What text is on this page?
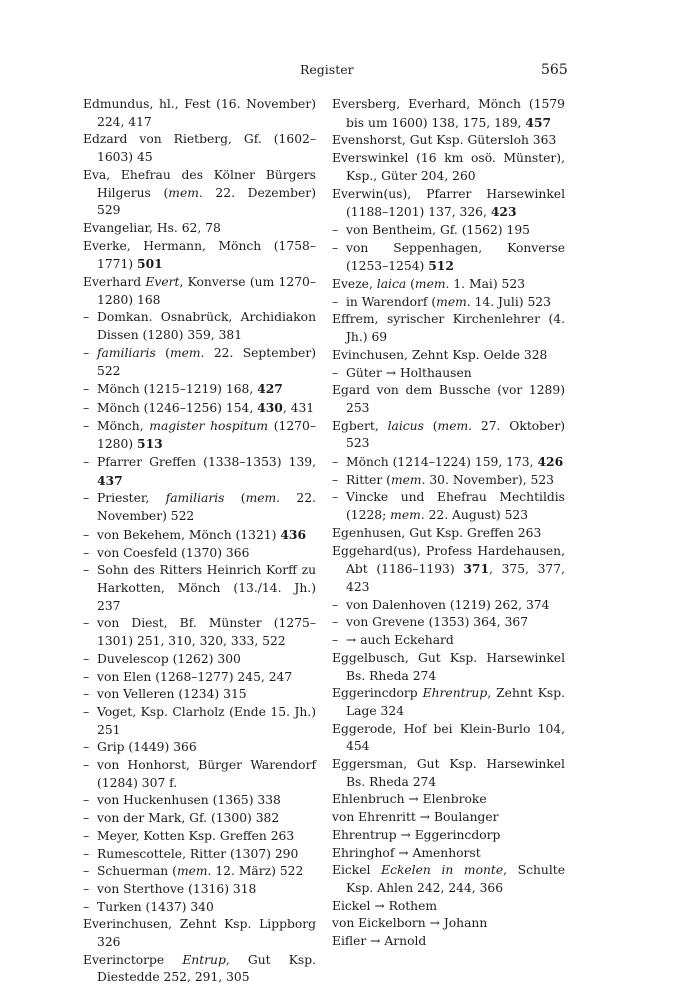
Register	565
Edmundus, hl., Fest (16. November) 224, 417
Edzard von Rietberg, Gf. (1602–1603) 45
Eva, Ehefrau des Kölner Bürgers Hilgerus (mem. 22. Dezember) 529
Evangeliar, Hs. 62, 78
Everke, Hermann, Mönch (1758–1771) 501
Everhard Evert, Konverse (um 1270–1280) 168
– Domkan. Osnabrück, Archidiakon Dissen (1280) 359, 381
– familiaris (mem. 22. September) 522
– Mönch (1215–1219) 168, 427
– Mönch (1246–1256) 154, 430, 431
– Mönch, magister hospitum (1270–1280) 513
– Pfarrer Greffen (1338–1353) 139, 437
– Priester, familiaris (mem. 22. November) 522
– von Bekehem, Mönch (1321) 436
– von Coesfeld (1370) 366
– Sohn des Ritters Heinrich Korff zu Harkotten, Mönch (13./14. Jh.) 237
– von Diest, Bf. Münster (1275–1301) 251, 310, 320, 333, 522
– Duvelescop (1262) 300
– von Elen (1268–1277) 245, 247
– von Velleren (1234) 315
– Voget, Ksp. Clarholz (Ende 15. Jh.) 251
– Grip (1449) 366
– von Honhorst, Bürger Warendorf (1284) 307 f.
– von Huckenhusen (1365) 338
– von der Mark, Gf. (1300) 382
– Meyer, Kotten Ksp. Greffen 263
– Rumescottele, Ritter (1307) 290
– Schuerman (mem. 12. März) 522
– von Sterthove (1316) 318
– Turken (1437) 340
Everinchusen, Zehnt Ksp. Lippborg 326
Everinctorpe Entrup, Gut Ksp. Diestedde 252, 291, 305
Eversberg, Everhard, Mönch (1579 bis um 1600) 138, 175, 189, 457
Evenshorst, Gut Ksp. Gütersloh 363
Everswinkel (16 km osö. Münster), Ksp., Güter 204, 260
Everwin(us), Pfarrer Harsewinkel (1188–1201) 137, 326, 423
– von Bentheim, Gf. (1562) 195
– von Seppenhagen, Konverse (1253–1254) 512
Eveze, laica (mem. 1. Mai) 523
– in Warendorf (mem. 14. Juli) 523
Effrem, syrischer Kirchenlehrer (4. Jh.) 69
Evinchusen, Zehnt Ksp. Oelde 328
– Güter → Holthausen
Egard von dem Bussche (vor 1289) 253
Egbert, laicus (mem. 27. Oktober) 523
– Mönch (1214–1224) 159, 173, 426
– Ritter (mem. 30. November), 523
– Vincke und Ehefrau Mechtildis (1228; mem. 22. August) 523
Egenhusen, Gut Ksp. Greffen 263
Eggehard(us), Profess Hardehausen, Abt (1186–1193) 371, 375, 377, 423
– von Dalenhoven (1219) 262, 374
– von Grevene (1353) 364, 367
– → auch Eckehard
Eggelbusch, Gut Ksp. Harsewinkel Bs. Rheda 274
Eggerincdorp Ehrentrup, Zehnt Ksp. Lage 324
Eggerode, Hof bei Klein-Burlo 104, 454
Eggersman, Gut Ksp. Harsewinkel Bs. Rheda 274
Ehlenbruch → Elenbroke
von Ehrenritt → Boulanger
Ehrentrup → Eggerincdorp
Ehringhof → Amenhorst
Eickel Eckelen in monte, Schulte Ksp. Ahlen 242, 244, 366
Eickel → Rothem
von Eickelborn → Johann
Eifler → Arnold
